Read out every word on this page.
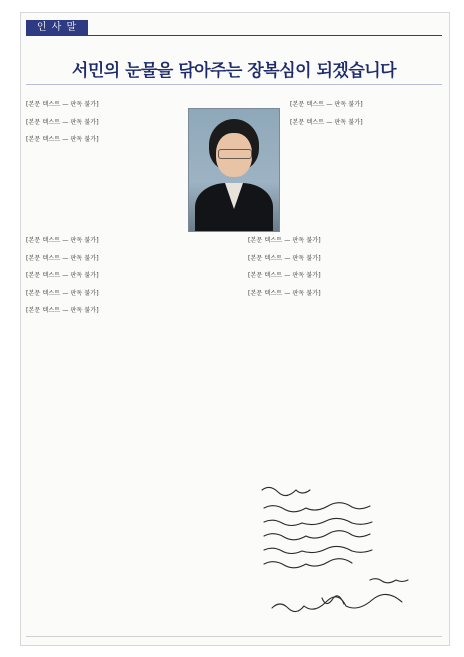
인 사 말
서민의 눈물을 닦아주는 장복심이 되겠습니다

[본문 텍스트 — 판독 불가]

[본문 텍스트 — 판독 불가]

[본문 텍스트 — 판독 불가]

[본문 텍스트 — 판독 불가]

[본문 텍스트 — 판독 불가]

[본문 텍스트 — 판독 불가]

[본문 텍스트 — 판독 불가]

[본문 텍스트 — 판독 불가]

[본문 텍스트 — 판독 불가]

[본문 텍스트 — 판독 불가]

[본문 텍스트 — 판독 불가]

[본문 텍스트 — 판독 불가]

[본문 텍스트 — 판독 불가]

[본문 텍스트 — 판독 불가]
